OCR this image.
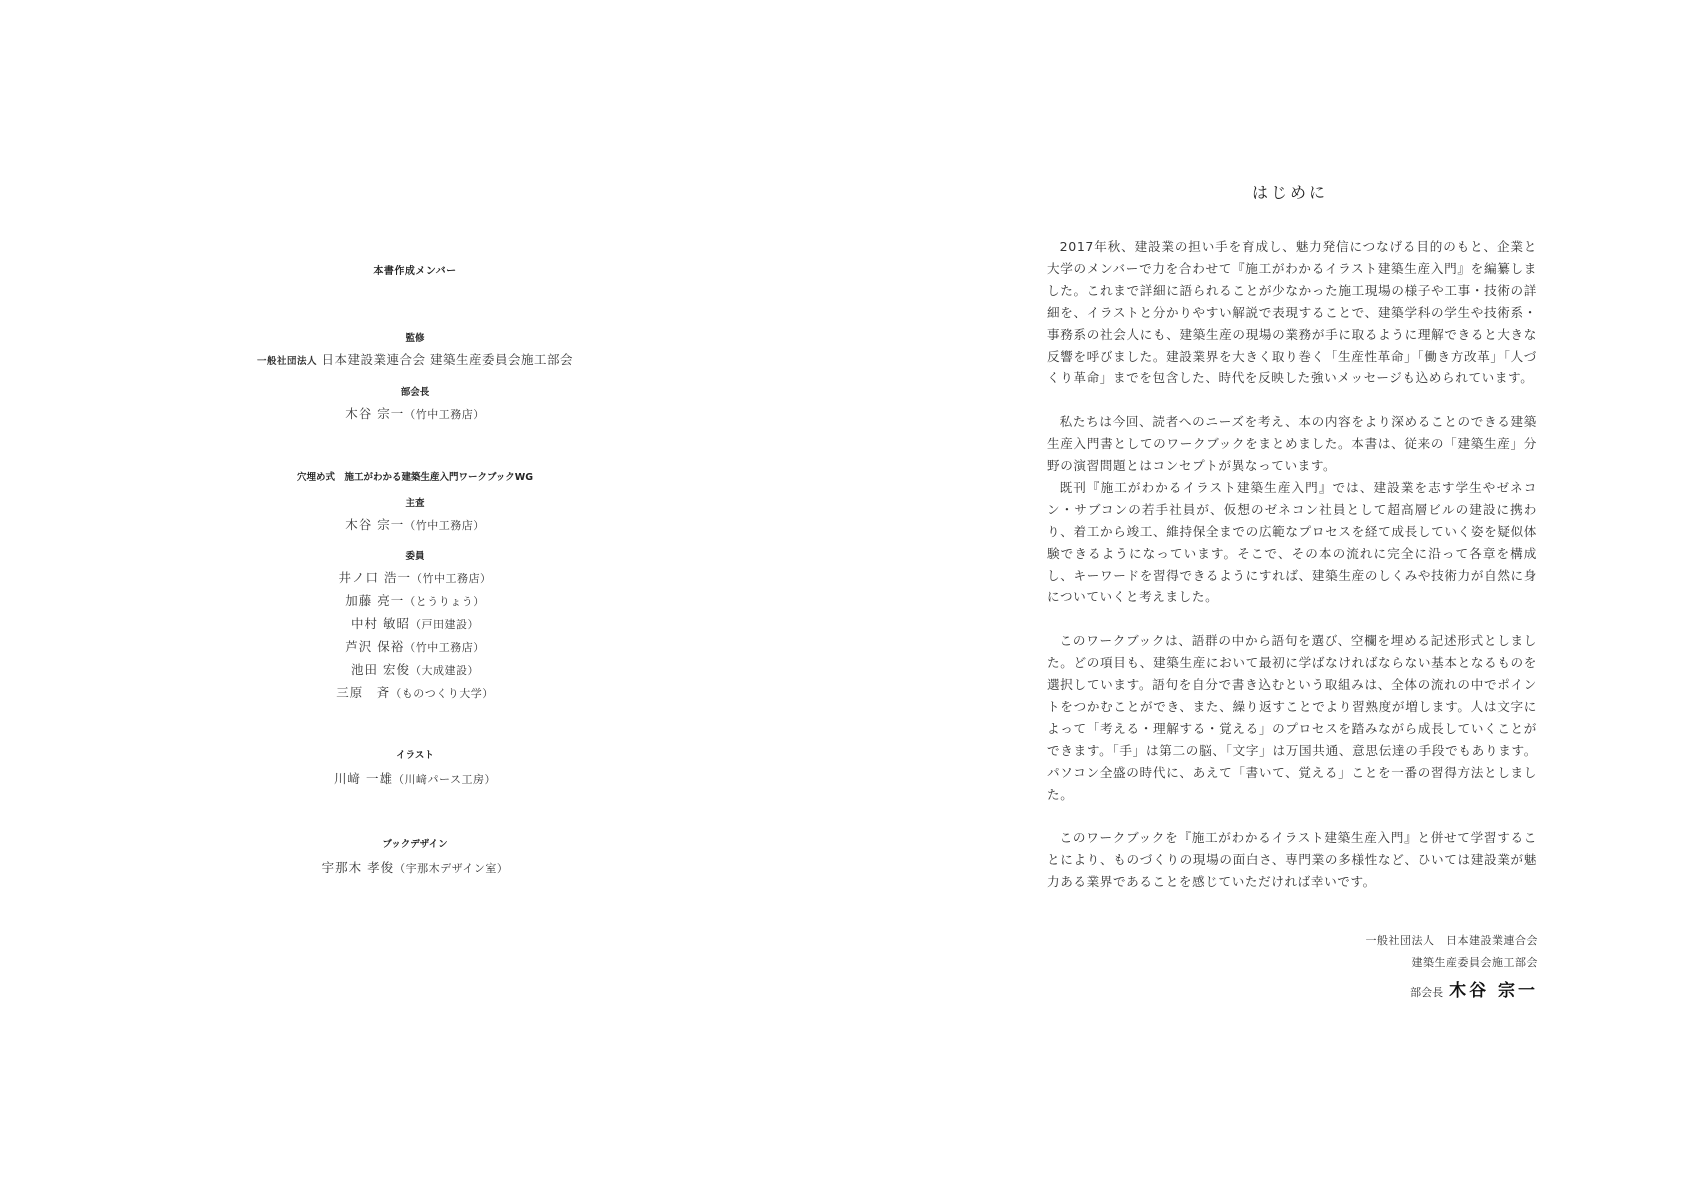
本書作成メンバー
監修
一般社団法人 日本建設業連合会 建築生産委員会施工部会
部会長
木谷 宗一（竹中工務店）
穴埋め式　施工がわかる建築生産入門ワークブックWG
主査
木谷 宗一（竹中工務店）
委員
井ノ口 浩一（竹中工務店）
加藤 亮一（とうりょう）
中村 敏昭（戸田建設）
芦沢 保裕（竹中工務店）
池田 宏俊（大成建設）
三原　斉（ものつくり大学）
イラスト
川﨑 一雄（川﨑パース工房）
ブックデザイン
宇那木 孝俊（宇那木デザイン室）
はじめに

2017年秋、建設業の担い手を育成し、魅力発信につなげる目的のもと、企業と大学のメンバーで力を合わせて『施工がわかるイラスト建築生産入門』を編纂しました。これまで詳細に語られることが少なかった施工現場の様子や工事・技術の詳細を、イラストと分かりやすい解説で表現することで、建築学科の学生や技術系・事務系の社会人にも、建築生産の現場の業務が手に取るように理解できると大きな反響を呼びました。建設業界を大きく取り巻く「生産性革命」「働き方改革」「人づくり革命」までを包含した、時代を反映した強いメッセージも込められています。

私たちは今回、読者へのニーズを考え、本の内容をより深めることのできる建築生産入門書としてのワークブックをまとめました。本書は、従来の「建築生産」分野の演習問題とはコンセプトが異なっています。

既刊『施工がわかるイラスト建築生産入門』では、建設業を志す学生やゼネコン・サブコンの若手社員が、仮想のゼネコン社員として超高層ビルの建設に携わり、着工から竣工、維持保全までの広範なプロセスを経て成長していく姿を疑似体験できるようになっています。そこで、その本の流れに完全に沿って各章を構成し、キーワードを習得できるようにすれば、建築生産のしくみや技術力が自然に身についていくと考えました。

このワークブックは、語群の中から語句を選び、空欄を埋める記述形式としました。どの項目も、建築生産において最初に学ばなければならない基本となるものを選択しています。語句を自分で書き込むという取組みは、全体の流れの中でポイントをつかむことができ、また、繰り返すことでより習熟度が増します。人は文字によって「考える・理解する・覚える」のプロセスを踏みながら成長していくことができます。「手」は第二の脳、「文字」は万国共通、意思伝達の手段でもあります。パソコン全盛の時代に、あえて「書いて、覚える」ことを一番の習得方法としました。

このワークブックを『施工がわかるイラスト建築生産入門』と併せて学習することにより、ものづくりの現場の面白さ、専門業の多様性など、ひいては建設業が魅力ある業界であることを感じていただければ幸いです。

一般社団法人　日本建設業連合会
建築生産委員会施工部会
部会長 木谷 宗一
